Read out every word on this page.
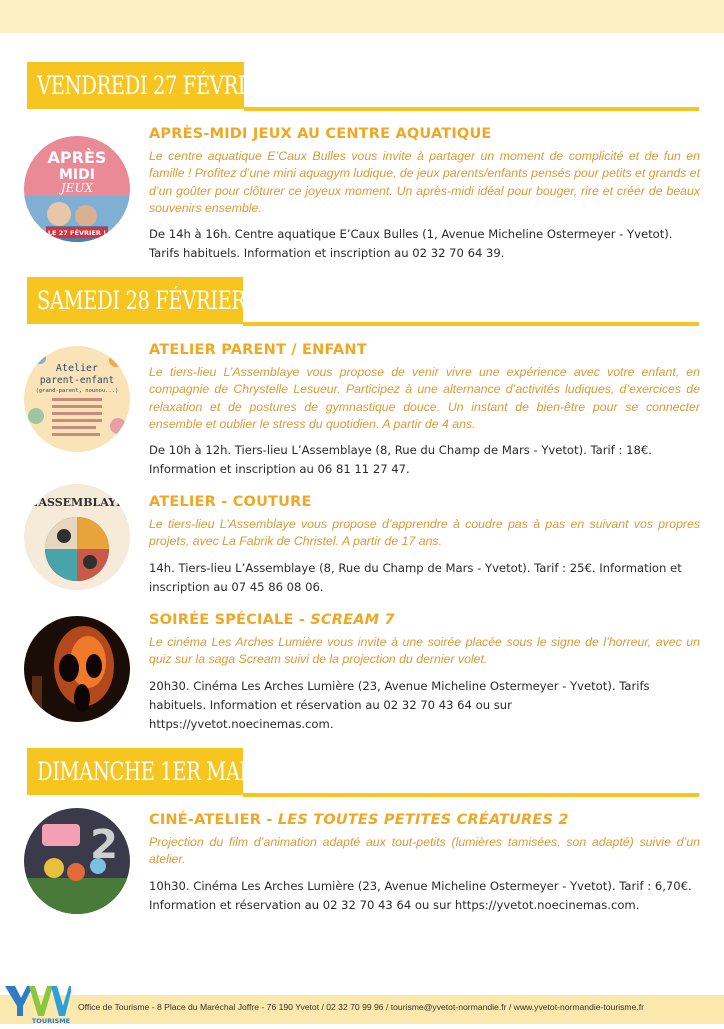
VENDREDI 27 FÉVRIER
APRÈS
MIDI
JEUX
LE 27 FÉVRIER !
APRÈS-MIDI JEUX AU CENTRE AQUATIQUE

Le centre aquatique E’Caux Bulles vous invite à partager un moment de complicité et de fun en famille ! Profitez d’une mini aquagym ludique, de jeux parents/enfants pensés pour petits et grands et d’un goûter pour clôturer ce joyeux moment. Un après-midi idéal pour bouger, rire et créer de beaux souvenirs ensemble.

De 14h à 16h. Centre aquatique E’Caux Bulles (1, Avenue Micheline Ostermeyer - Yvetot). Tarifs habituels. Information et inscription au 02 32 70 64 39.

SAMEDI 28 FÉVRIER
Atelier
parent-enfant
(grand-parent, nounou...)
ATELIER PARENT / ENFANT

Le tiers-lieu L’Assemblaye vous propose de venir vivre une expérience avec votre enfant, en compagnie de Chrystelle Lesueur. Participez à une alternance d’activités ludiques, d’exercices de relaxation et de postures de gymnastique douce. Un instant de bien-être pour se connecter ensemble et oublier le stress du quotidien. A partir de 4 ans.

De 10h à 12h. Tiers-lieu L’Assemblaye (8, Rue du Champ de Mars - Yvetot). Tarif : 18€. Information et inscription au 06 81 11 27 47.

L’ASSEMBLAYE ATELIER - COUTURE

Le tiers-lieu L’Assemblaye vous propose d’apprendre à coudre pas à pas en suivant vos propres projets, avec La Fabrik de Christel. A partir de 17 ans.

14h. Tiers-lieu L’Assemblaye (8, Rue du Champ de Mars - Yvetot). Tarif : 25€. Information et inscription au 07 45 86 08 06.

SOIRÉE SPÉCIALE - SCREAM 7

Le cinéma Les Arches Lumière vous invite à une soirée placée sous le signe de l’horreur, avec un quiz sur la saga Scream suivi de la projection du dernier volet.

20h30. Cinéma Les Arches Lumière (23, Avenue Micheline Ostermeyer - Yvetot). Tarifs habituels. Information et réservation au 02 32 70 43 64 ou sur https://yvetot.noecinemas.com.

DIMANCHE 1ER MARS
2
CINÉ-ATELIER - LES TOUTES PETITES CRÉATURES 2

Projection du film d’animation adapté aux tout-petits (lumières tamisées, son adapté) suivie d’un atelier.

10h30. Cinéma Les Arches Lumière (23, Avenue Micheline Ostermeyer - Yvetot). Tarif : 6,70€. Information et réservation au 02 32 70 43 64 ou sur https://yvetot.noecinemas.com.

TOURISME
Office de Tourisme - 8 Place du Maréchal Joffre - 76 190 Yvetot / 02 32 70 99 96 / tourisme@yvetot-normandie.fr / www.yvetot-normandie-tourisme.fr
